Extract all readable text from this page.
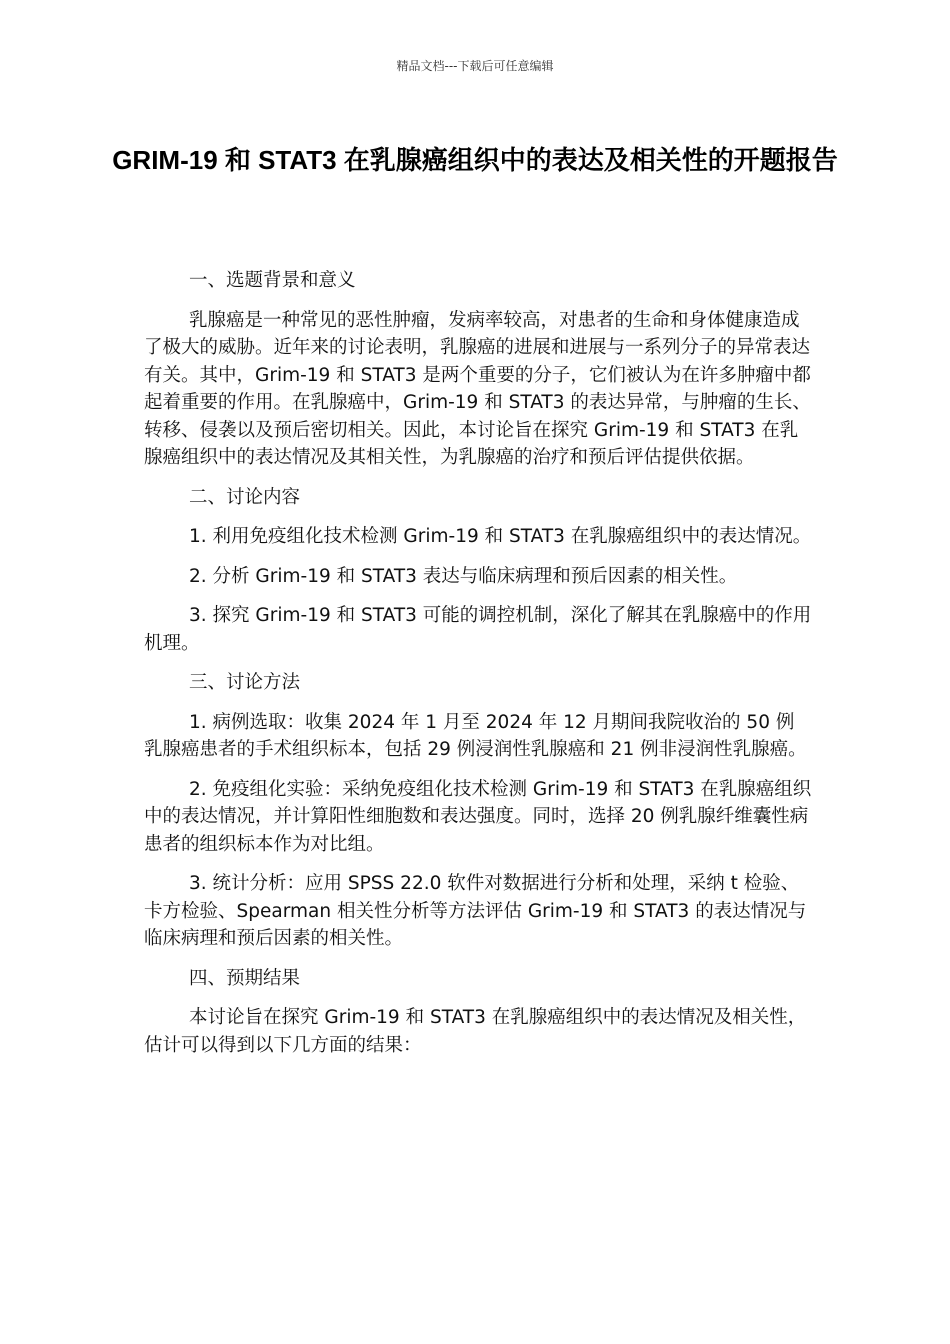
精品文档---下载后可任意编辑
GRIM-19 和 STAT3 在乳腺癌组织中的表达及相关性的开题报告

一、选题背景和意义

乳腺癌是一种常见的恶性肿瘤，发病率较高，对患者的生命和身体健康造成了极大的威胁。近年来的讨论表明，乳腺癌的进展和进展与一系列分子的异常表达有关。其中，Grim-19 和 STAT3 是两个重要的分子，它们被认为在许多肿瘤中都起着重要的作用。在乳腺癌中，Grim-19 和 STAT3 的表达异常，与肿瘤的生长、转移、侵袭以及预后密切相关。因此，本讨论旨在探究 Grim-19 和 STAT3 在乳腺癌组织中的表达情况及其相关性，为乳腺癌的治疗和预后评估提供依据。

二、讨论内容

1. 利用免疫组化技术检测 Grim-19 和 STAT3 在乳腺癌组织中的表达情况。

2. 分析 Grim-19 和 STAT3 表达与临床病理和预后因素的相关性。

3. 探究 Grim-19 和 STAT3 可能的调控机制，深化了解其在乳腺癌中的作用机理。

三、讨论方法

1. 病例选取：收集 2024 年 1 月至 2024 年 12 月期间我院收治的 50 例乳腺癌患者的手术组织标本，包括 29 例浸润性乳腺癌和 21 例非浸润性乳腺癌。

2. 免疫组化实验：采纳免疫组化技术检测 Grim-19 和 STAT3 在乳腺癌组织中的表达情况，并计算阳性细胞数和表达强度。同时，选择 20 例乳腺纤维囊性病患者的组织标本作为对比组。

3. 统计分析：应用 SPSS 22.0 软件对数据进行分析和处理，采纳 t 检验、卡方检验、Spearman 相关性分析等方法评估 Grim-19 和 STAT3 的表达情况与临床病理和预后因素的相关性。

四、预期结果

本讨论旨在探究 Grim-19 和 STAT3 在乳腺癌组织中的表达情况及相关性，估计可以得到以下几方面的结果：
